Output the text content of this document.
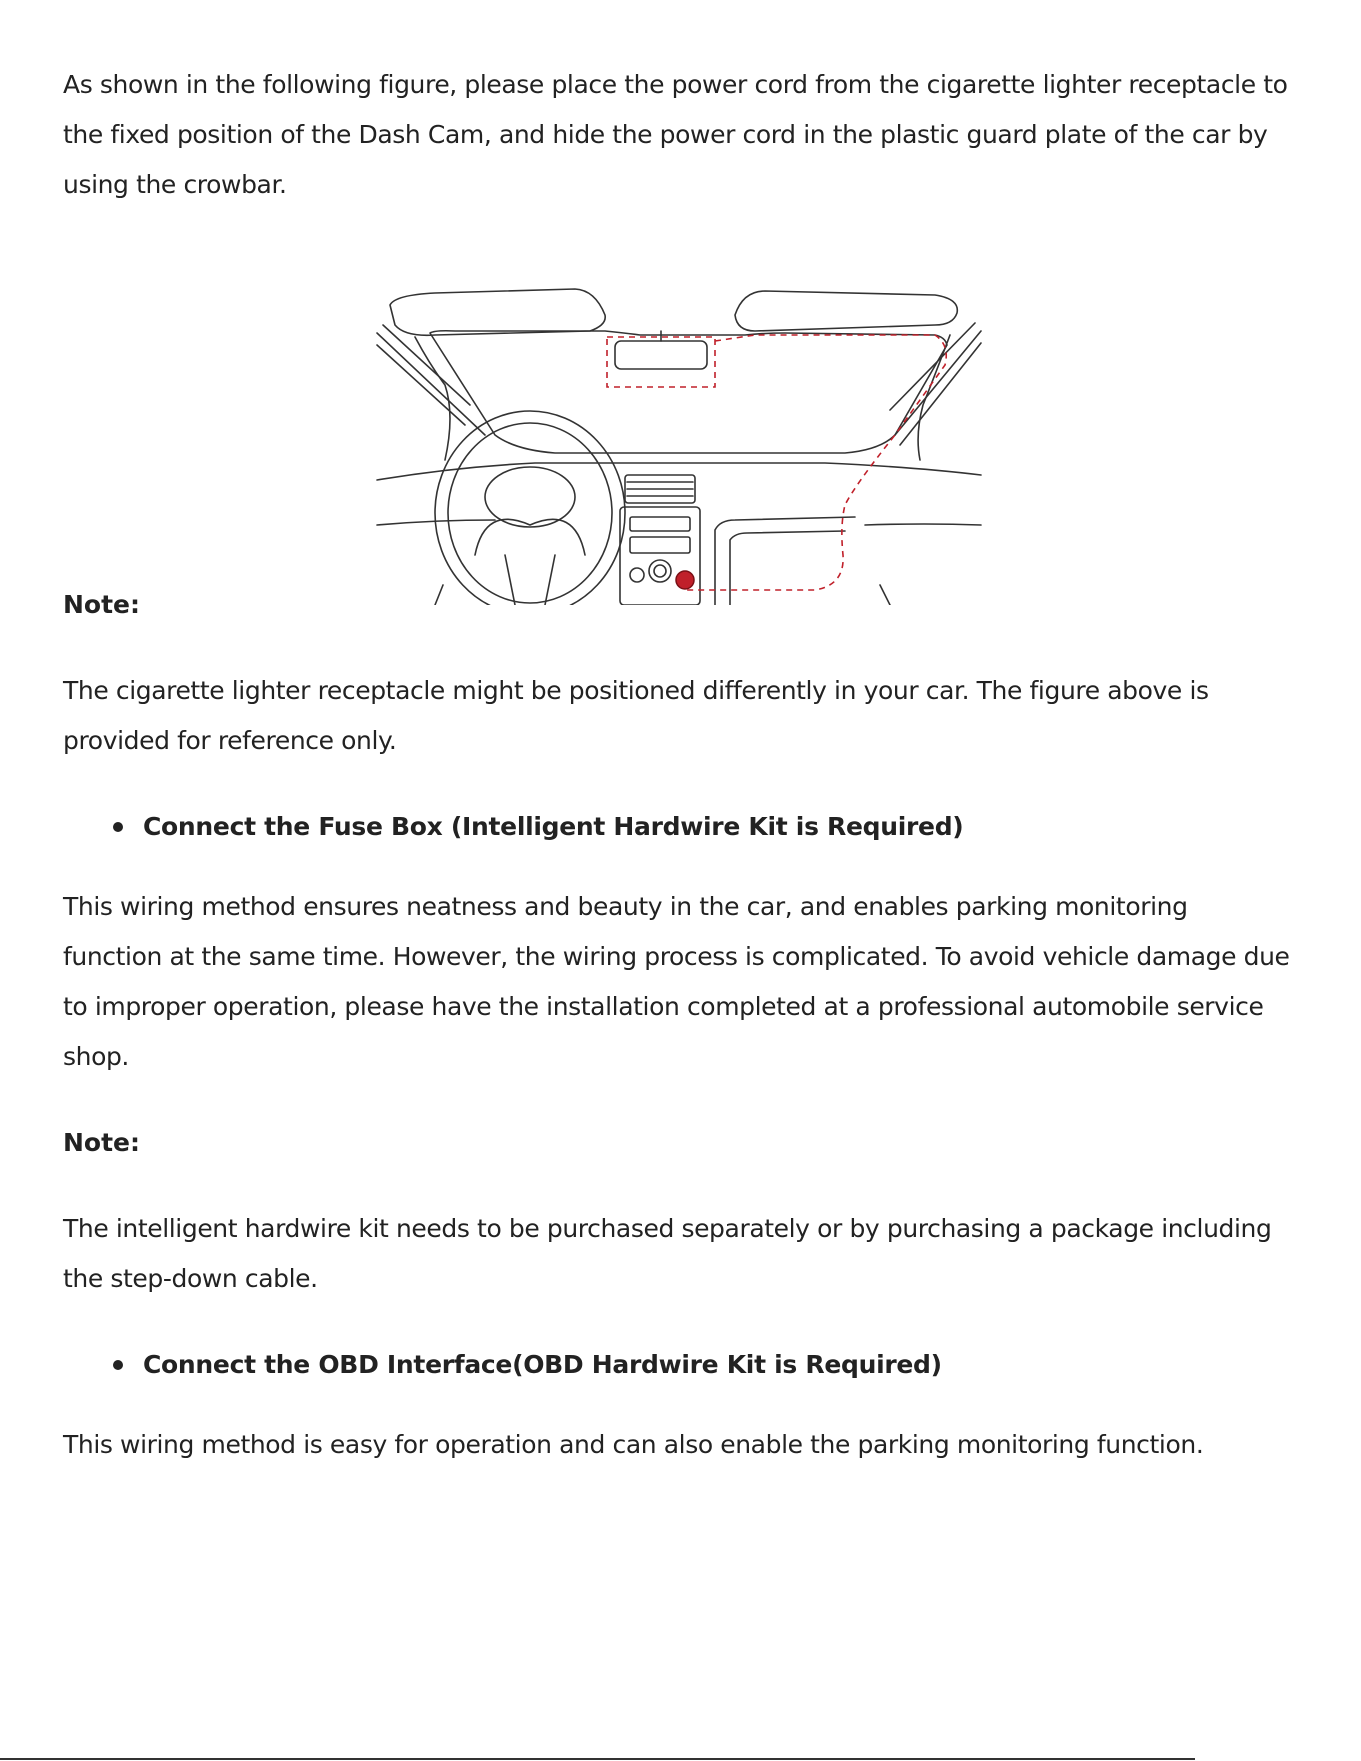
As shown in the following figure, please place the power cord from the cigarette lighter receptacle to the fixed position of the Dash Cam, and hide the power cord in the plastic guard plate of the car by using the crowbar.

Note:

The cigarette lighter receptacle might be positioned differently in your car. The figure above is provided for reference only.

Connect the Fuse Box (Intelligent Hardwire Kit is Required)

This wiring method ensures neatness and beauty in the car, and enables parking monitoring function at the same time. However, the wiring process is complicated. To avoid vehicle damage due to improper operation, please have the installation completed at a professional automobile service shop.

Note:

The intelligent hardwire kit needs to be purchased separately or by purchasing a package including the step-down cable.

Connect the OBD Interface(OBD Hardwire Kit is Required)

This wiring method is easy for operation and can also enable the parking monitoring function.
